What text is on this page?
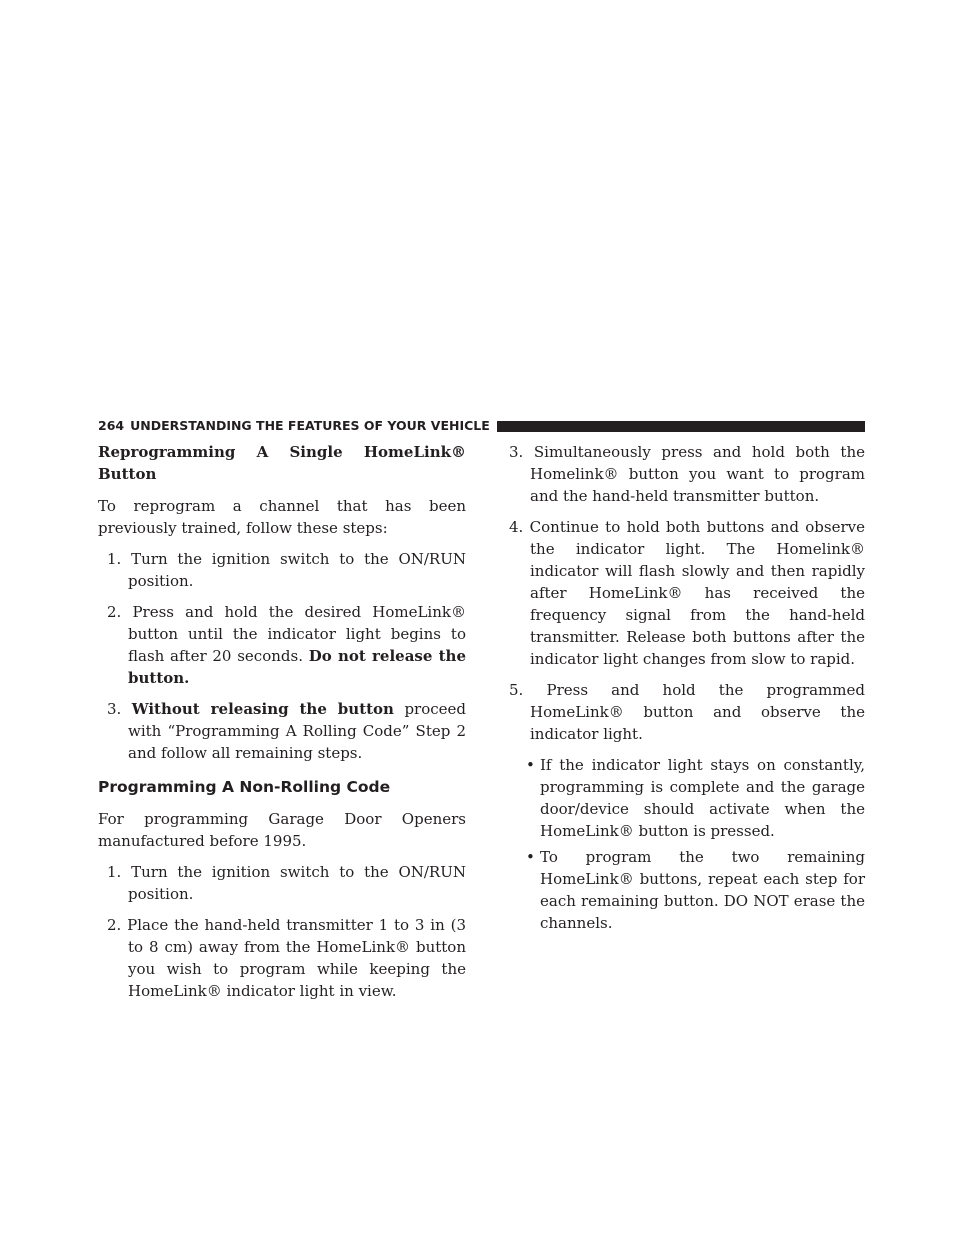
264 UNDERSTANDING THE FEATURES OF YOUR VEHICLE

Reprogramming A Single HomeLink® Button

To reprogram a channel that has been previously trained, follow these steps:

1. Turn the ignition switch to the ON/RUN position.

2. Press and hold the desired HomeLink® button until the indicator light begins to flash after 20 seconds. Do not release the button.

3. Without releasing the button proceed with “Programming A Rolling Code” Step 2 and follow all remaining steps.

Programming A Non-Rolling Code

For programming Garage Door Openers manufactured before 1995.

1. Turn the ignition switch to the ON/RUN position.

2. Place the hand-held transmitter 1 to 3 in (3 to 8 cm) away from the HomeLink® button you wish to program while keeping the HomeLink® indicator light in view.

3. Simultaneously press and hold both the Homelink® button you want to program and the hand-held transmitter button.

4. Continue to hold both buttons and observe the indicator light. The Homelink® indicator will flash slowly and then rapidly after HomeLink® has received the frequency signal from the hand-held transmitter. Release both buttons after the indicator light changes from slow to rapid.

5. Press and hold the programmed HomeLink® button and observe the indicator light.

• If the indicator light stays on constantly, programming is complete and the garage door/device should activate when the HomeLink® button is pressed.

• To program the two remaining HomeLink® buttons, repeat each step for each remaining button. DO NOT erase the channels.
